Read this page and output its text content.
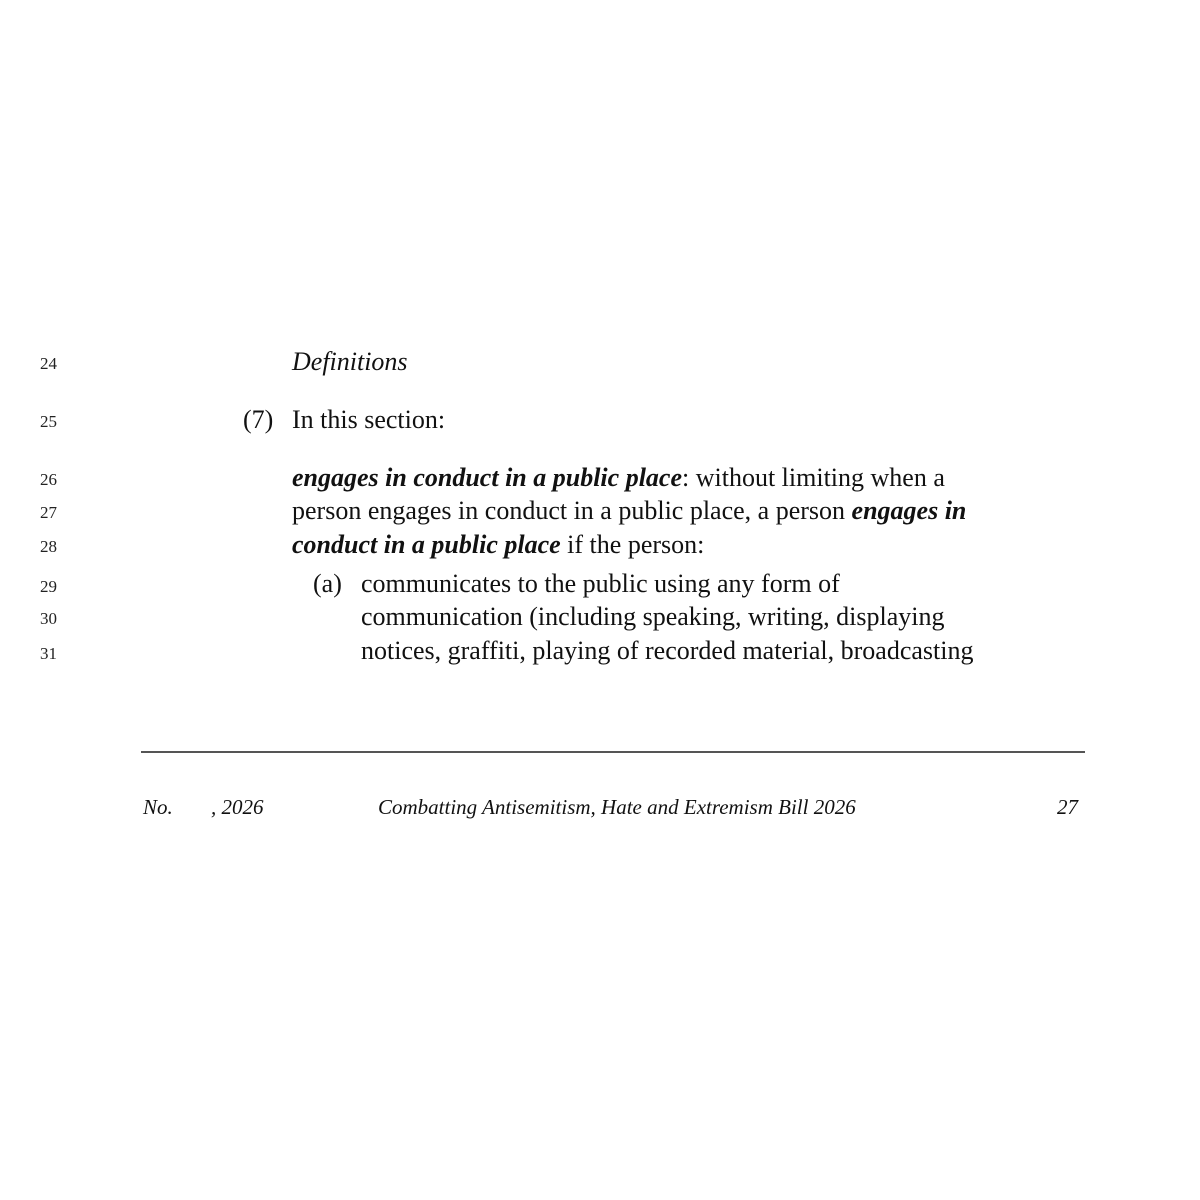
24
25
26
27
28
29
30
31
Definitions
(7) In this section:
engages in conduct in a public place: without limiting when a
person engages in conduct in a public place, a person engages in
conduct in a public place if the person:
(a) communicates to the public using any form of
communication (including speaking, writing, displaying
notices, graffiti, playing of recorded material, broadcasting
No. , 2026	Combatting Antisemitism, Hate and Extremism Bill 2026	27
